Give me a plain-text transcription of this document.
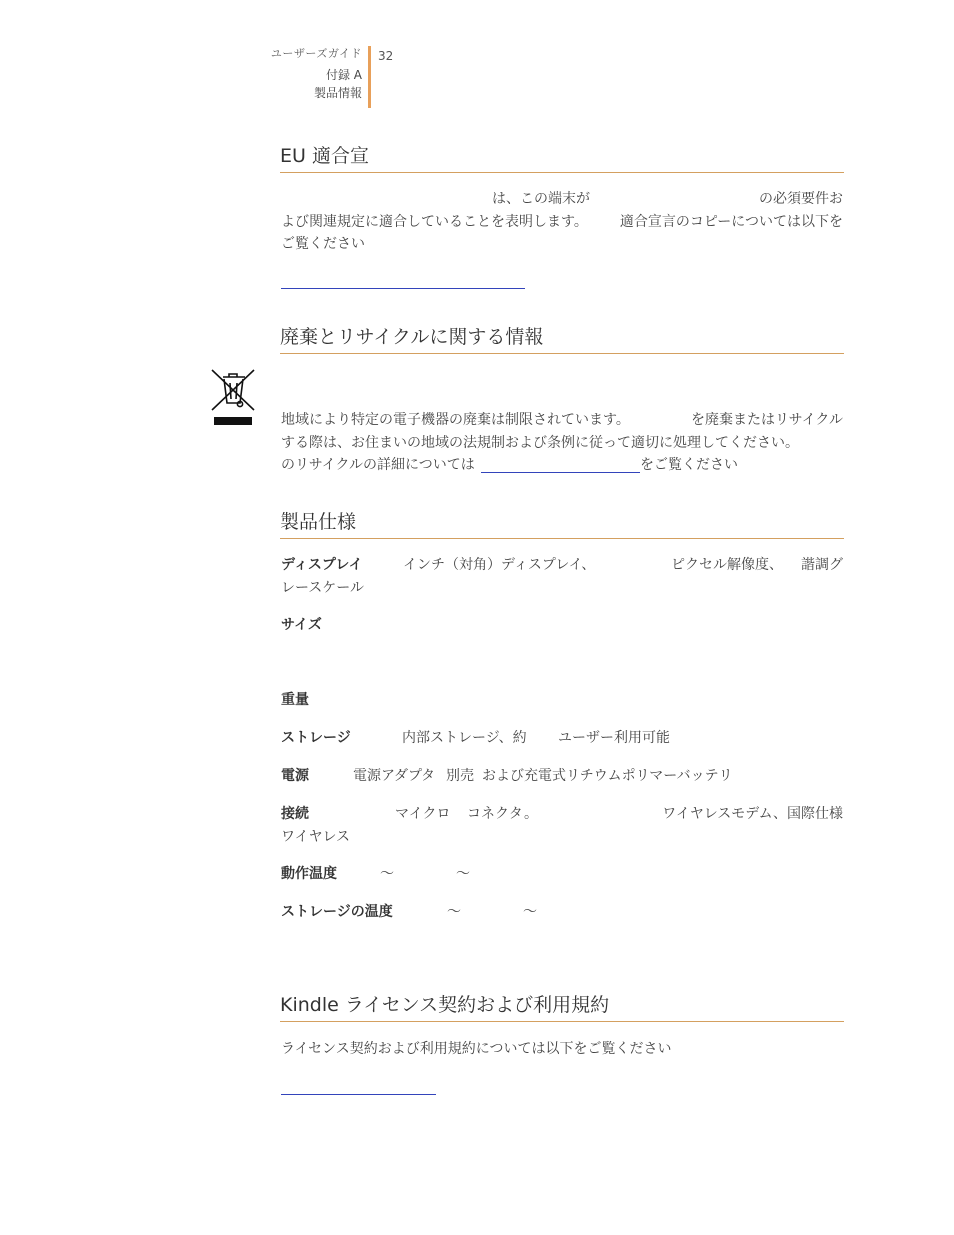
ユーザーズガイド
付録 A
製品情報
32
EU 適合宣
は、この端末が	の必須要件お
よび関連規定に適合していることを表明します。 適合宣言のコピーについては以下を
ご覧ください
廃棄とリサイクルに関する情報
地域により特定の電子機器の廃棄は制限されています。	を廃棄またはリサイクル
する際は、お住まいの地域の法規制および条例に従って適切に処理してください。
のリサイクルの詳細については	をご覧ください
製品仕様
ディスプレイ	インチ（対角）ディスプレイ、	ピクセル解像度、 諧調グ
レースケール
サイズ
重量
ストレージ	内部ストレージ、約 ユーザー利用可能
電源	電源アダプタ 別売 および充電式リチウムポリマーバッテリ
接続	マイクロ コネクタ 。	ワイヤレスモデム、国際仕様
ワイヤレス
動作温度	〜	〜
ストレージの温度	〜	〜
Kindle ライセンス契約および利用規約
ライセンス契約および利用規約については以下をご覧ください
